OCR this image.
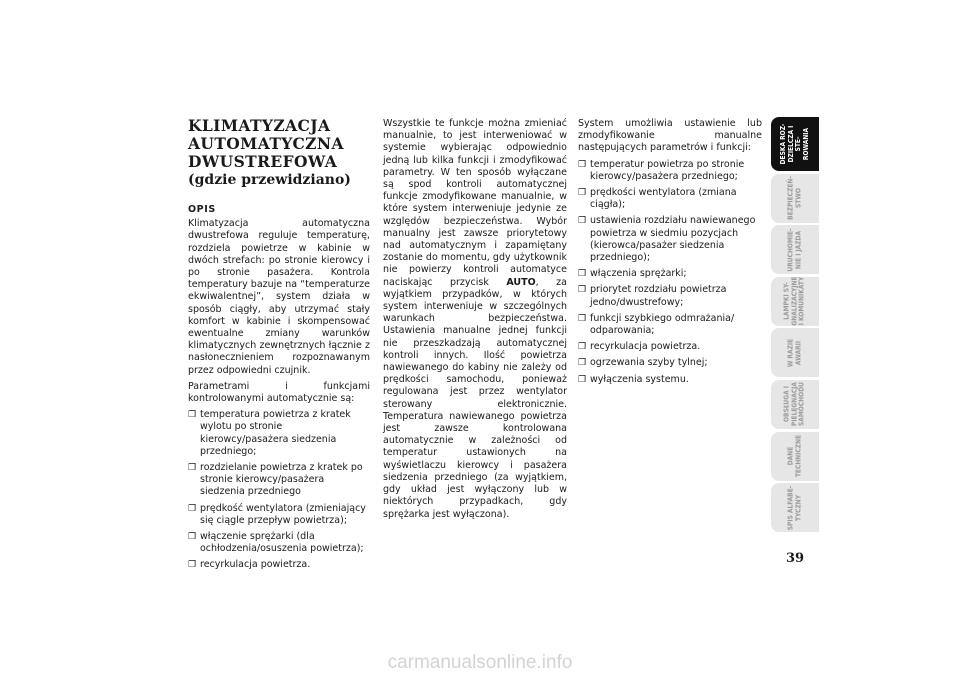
KLIMATYZACJA
AUTOMATYCZNA
DWUSTREFOWA
(gdzie przewidziano)
OPIS

Klimatyzacja automatyczna dwustrefowa reguluje temperaturę, rozdziela powietrze w kabinie w dwóch strefach: po stronie kierowcy i po stronie pasażera. Kontrola temperatury bazuje na “temperaturze ekwiwalentnej”, system działa w sposób ciągły, aby utrzymać stały komfort w kabinie i skompensować ewentualne zmiany warunków klimatycznych zewnętrznych łącznie z nasłonecznieniem rozpoznawanym przez odpowiedni czujnik.

Parametrami i funkcjami kontrolowanymi automatycznie są:

❒ temperatura powietrza z kratek wylotu po stronie kierowcy/pasażera siedzenia przedniego;
❒ rozdzielanie powietrza z kratek po stronie kierowcy/pasażera siedzenia przedniego
❒ prędkość wentylatora (zmieniający się ciągle przepływ powietrza);
❒ włączenie sprężarki (dla ochłodzenia/osuszenia powietrza);
❒ recyrkulacja powietrza.

Wszystkie te funkcje można zmieniać manualnie, to jest interweniować w systemie wybierając odpowiednio jedną lub kilka funkcji i zmodyfikować parametry. W ten sposób wyłączane są spod kontroli automatycznej funkcje zmodyfikowane manualnie, w które system interweniuje jedynie ze względów bezpieczeństwa. Wybór manualny jest zawsze priorytetowy nad automatycznym i zapamiętany zostanie do momentu, gdy użytkownik nie powierzy kontroli automatyce naciskając przycisk AUTO, za wyjątkiem przypadków, w których system interweniuje w szczególnych warunkach bezpieczeństwa. Ustawienia manualne jednej funkcji nie przeszkadzają automatycznej kontroli innych. Ilość powietrza nawiewanego do kabiny nie zależy od prędkości samochodu, ponieważ regulowana jest przez wentylator sterowany elektronicznie. Temperatura nawiewanego powietrza jest zawsze kontrolowana automatycznie w zależności od temperatur ustawionych na wyświetlaczu kierowcy i pasażera siedzenia przedniego (za wyjątkiem, gdy układ jest wyłączony lub w niektórych przypadkach, gdy sprężarka jest wyłączona).

System umożliwia ustawienie lub zmodyfikowanie manualne następujących parametrów i funkcji:

❒ temperatur powietrza po stronie kierowcy/pasażera przedniego;
❒ prędkości wentylatora (zmiana ciągła);
❒ ustawienia rozdziału nawiewanego powietrza w siedmiu pozycjach (kierowca/pasażer siedzenia przedniego);
❒ włączenia sprężarki;
❒ priorytet rozdziału powietrza jedno/dwustrefowy;
❒ funkcji szybkiego odmrażania/ odparowania;
❒ recyrkulacja powietrza.
❒ ogrzewania szyby tylnej;
❒ wyłączenia systemu.
DESKA ROZ-
DZIELCZA I STE-
ROWANIA
BEZPIECZEŃ-
STWO
URUCHOMIE-
NIE I JAZDA
LAMPKI SY-
GNALIZACYJNE
I KOMUNIKATY
W RAZIE
AWARII
OBSŁUGA I
PIELĘGNACJA
SAMOCHODU
DANE
TECHNICZNE
SPIS ALFABE-
TYCZNY
39
carmanualsonline.info
